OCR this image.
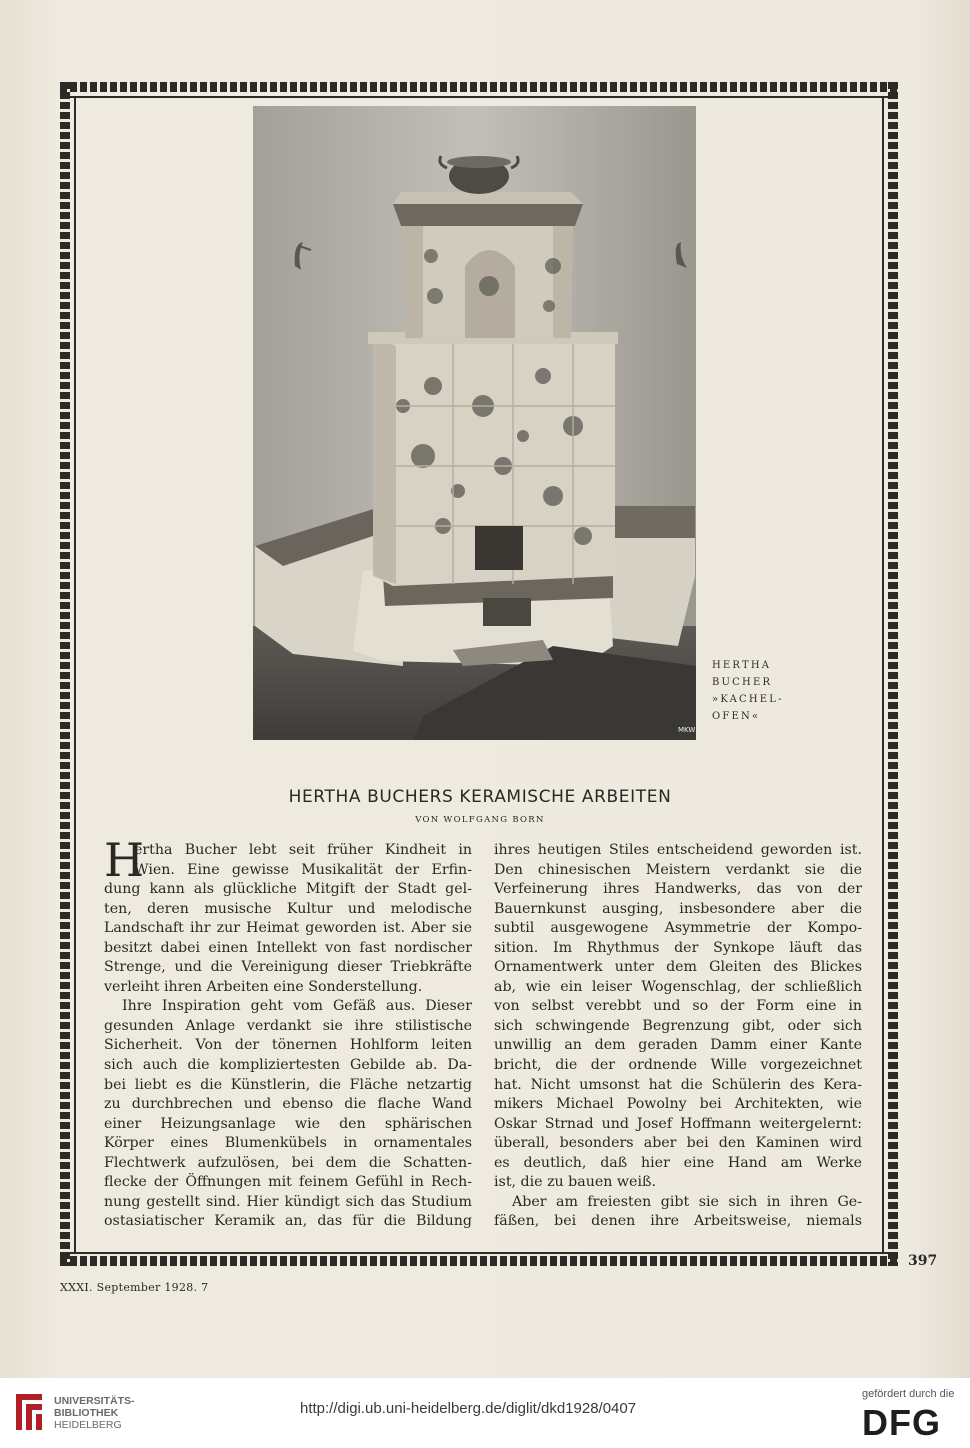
MKW
HERTHA
BUCHER
»KACHEL-
OFEN«
HERTHA BUCHERS KERAMISCHE ARBEITEN
VON WOLFGANG BORN
H
ertha Bucher lebt seit früher Kindheit in
Wien. Eine gewisse Musikalität der Erfin-
dung kann als glückliche Mitgift der Stadt gel-
ten, deren musische Kultur und melodische
Landschaft ihr zur Heimat geworden ist. Aber sie
besitzt dabei einen Intellekt von fast nordischer
Strenge, und die Vereinigung dieser Triebkräfte
verleiht ihren Arbeiten eine Sonderstellung.
Ihre Inspiration geht vom Gefäß aus. Dieser
gesunden Anlage verdankt sie ihre stilistische
Sicherheit. Von der tönernen Hohlform leiten
sich auch die kompliziertesten Gebilde ab. Da-
bei liebt es die Künstlerin, die Fläche netzartig
zu durchbrechen und ebenso die flache Wand
einer Heizungsanlage wie den sphärischen
Körper eines Blumenkübels in ornamentales
Flechtwerk aufzulösen, bei dem die Schatten-
flecke der Öffnungen mit feinem Gefühl in Rech-
nung gestellt sind. Hier kündigt sich das Studium
ostasiatischer Keramik an, das für die Bildung
ihres heutigen Stiles entscheidend geworden ist.
Den chinesischen Meistern verdankt sie die
Verfeinerung ihres Handwerks, das von der
Bauernkunst ausging, insbesondere aber die
subtil ausgewogene Asymmetrie der Kompo-
sition. Im Rhythmus der Synkope läuft das
Ornamentwerk unter dem Gleiten des Blickes
ab, wie ein leiser Wogenschlag, der schließlich
von selbst verebbt und so der Form eine in
sich schwingende Begrenzung gibt, oder sich
unwillig an dem geraden Damm einer Kante
bricht, die der ordnende Wille vorgezeichnet
hat. Nicht umsonst hat die Schülerin des Kera-
mikers Michael Powolny bei Architekten, wie
Oskar Strnad und Josef Hoffmann weitergelernt:
überall, besonders aber bei den Kaminen wird
es deutlich, daß hier eine Hand am Werke
ist, die zu bauen weiß.
Aber am freiesten gibt sie sich in ihren Ge-
fäßen, bei denen ihre Arbeitsweise, niemals
397
XXXI. September 1928. 7
UNIVERSITÄTS-
BIBLIOTHEK
HEIDELBERG
http://digi.ub.uni-heidelberg.de/diglit/dkd1928/0407
gefördert durch die
DFG
